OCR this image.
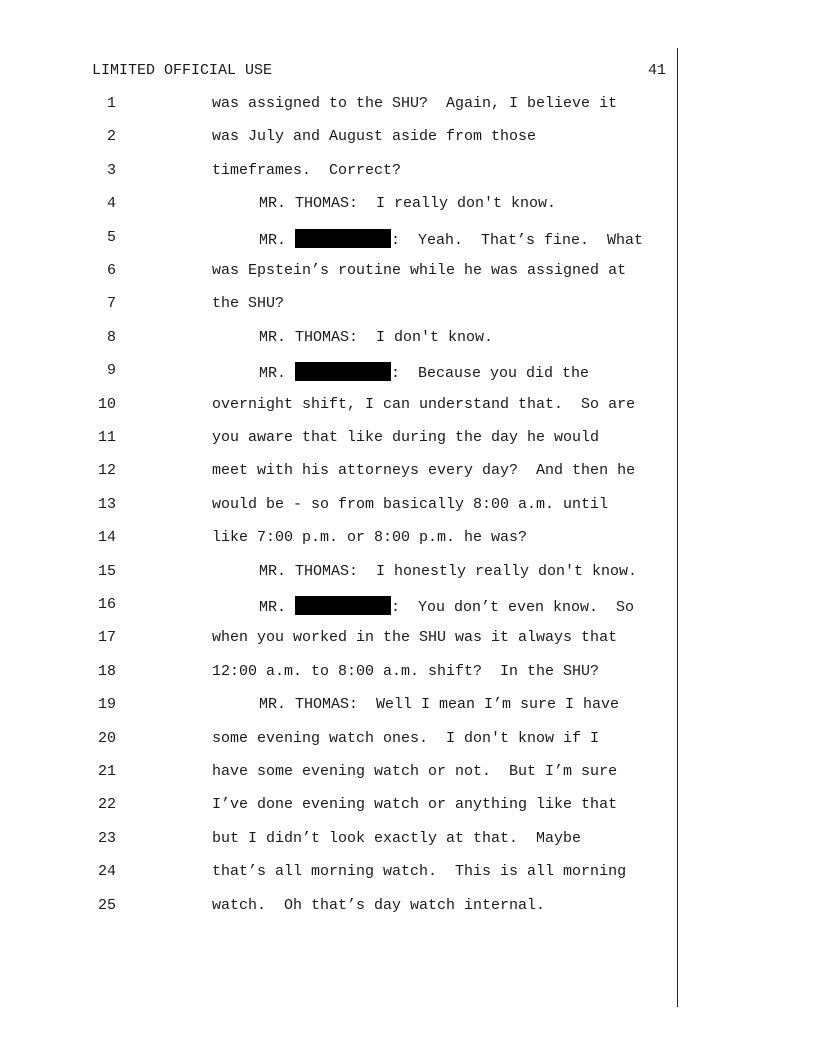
LIMITED OFFICIAL USE	41
1	was assigned to the SHU?  Again, I believe it
2	was July and August aside from those
3	timeframes.  Correct?
4	MR. THOMAS:  I really don't know.
5	MR.	:  Yeah.  That’s fine.  What
6	was Epstein’s routine while he was assigned at
7	the SHU?
8	MR. THOMAS:  I don't know.
9	MR.	:  Because you did the
10	overnight shift, I can understand that.  So are
11	you aware that like during the day he would
12	meet with his attorneys every day?  And then he
13	would be - so from basically 8:00 a.m. until
14	like 7:00 p.m. or 8:00 p.m. he was?
15	MR. THOMAS:  I honestly really don't know.
16	MR.	:  You don’t even know.  So
17	when you worked in the SHU was it always that
18	12:00 a.m. to 8:00 a.m. shift?  In the SHU?
19	MR. THOMAS:  Well I mean I’m sure I have
20	some evening watch ones.  I don't know if I
21	have some evening watch or not.  But I’m sure
22	I’ve done evening watch or anything like that
23	but I didn’t look exactly at that.  Maybe
24	that’s all morning watch.  This is all morning
25	watch.  Oh that’s day watch internal.
